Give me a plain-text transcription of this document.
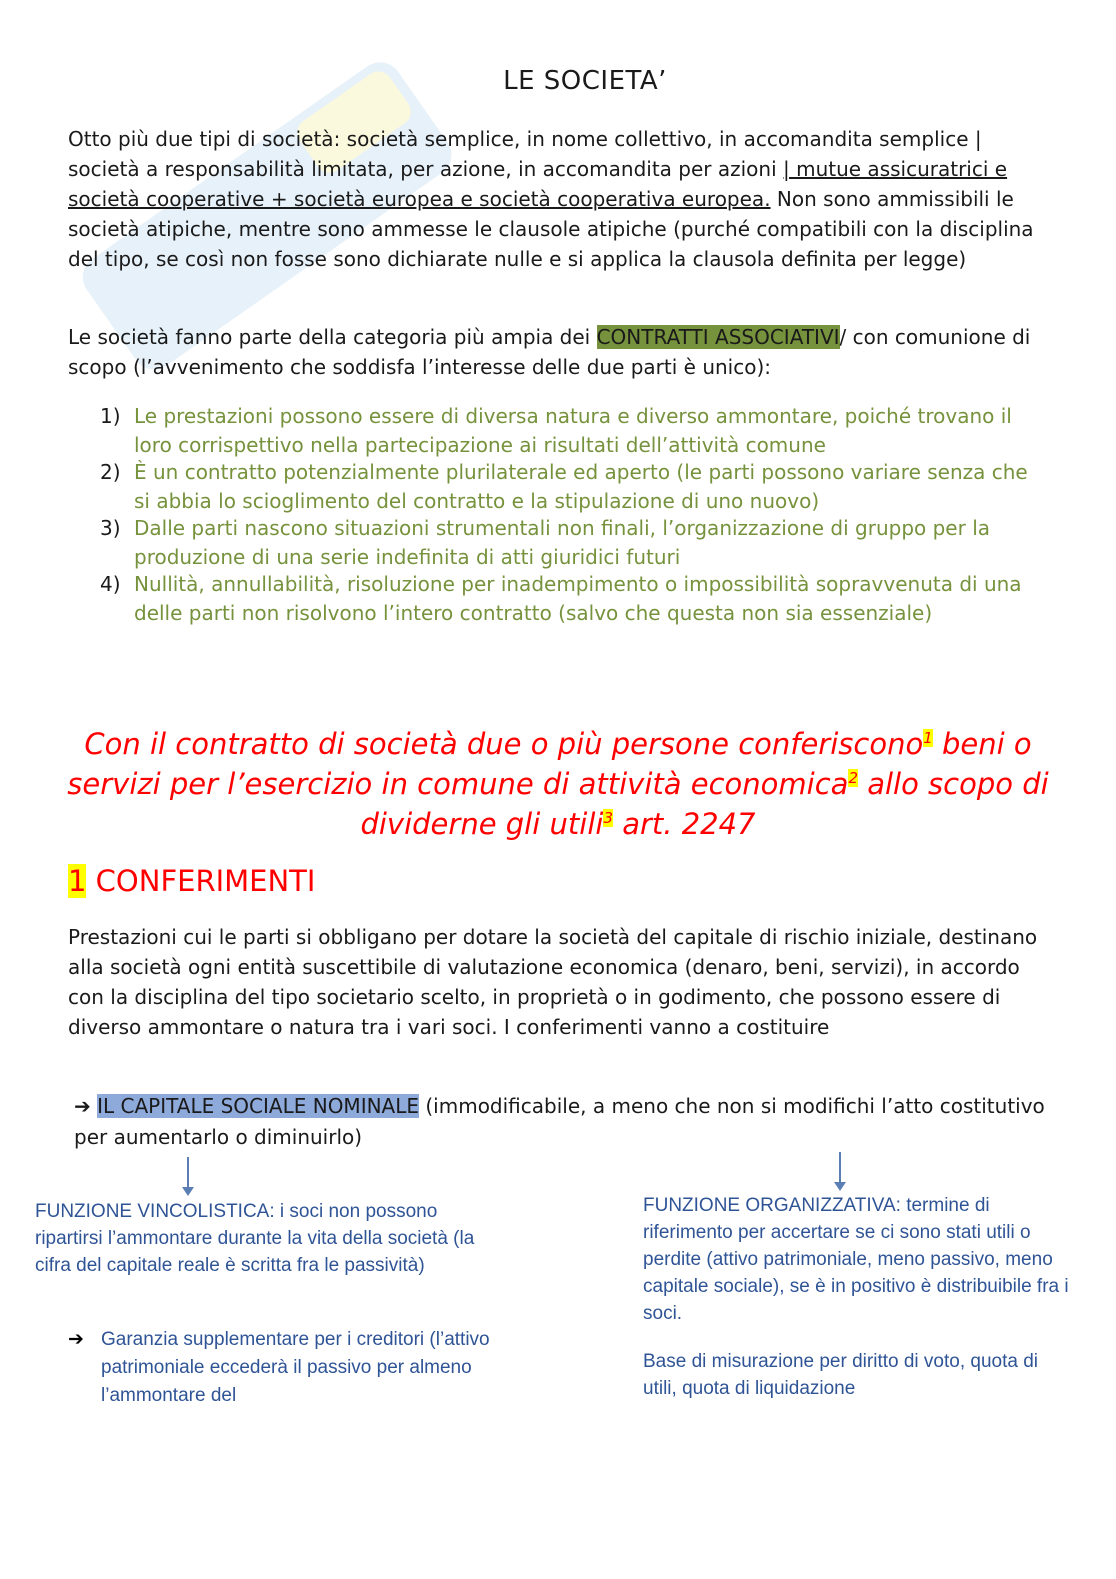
LE SOCIETA’

Otto più due tipi di società: società semplice, in nome collettivo, in accomandita semplice | società a responsabilità limitata, per azione, in accomandita per azioni | mutue assicuratrici e società cooperative + società europea e società cooperativa europea. Non sono ammissibili le società atipiche, mentre sono ammesse le clausole atipiche (purché compatibili con la disciplina del tipo, se così non fosse sono dichiarate nulle e si applica la clausola definita per legge)

Le società fanno parte della categoria più ampia dei CONTRATTI ASSOCIATIVI/ con comunione di scopo (l’avvenimento che soddisfa l’interesse delle due parti è unico):

1) Le prestazioni possono essere di diversa natura e diverso ammontare, poiché trovano il loro corrispettivo nella partecipazione ai risultati dell’attività comune
2) È un contratto potenzialmente plurilaterale ed aperto (le parti possono variare senza che si abbia lo scioglimento del contratto e la stipulazione di uno nuovo)
3) Dalle parti nascono situazioni strumentali non finali, l’organizzazione di gruppo per la produzione di una serie indefinita di atti giuridici futuri
4) Nullità, annullabilità, risoluzione per inadempimento o impossibilità sopravvenuta di una delle parti non risolvono l’intero contratto (salvo che questa non sia essenziale)

Con il contratto di società due o più persone conferiscono$^1$ beni o servizi per l’esercizio in comune di attività economica$^2$ allo scopo di dividerne gli utili$^3$ art. 2247

1 CONFERIMENTI

Prestazioni cui le parti si obbligano per dotare la società del capitale di rischio iniziale, destinano alla società ogni entità suscettibile di valutazione economica (denaro, beni, servizi), in accordo con la disciplina del tipo societario scelto, in proprietà o in godimento, che possono essere di diverso ammontare o natura tra i vari soci. I conferimenti vanno a costituire

➔ IL CAPITALE SOCIALE NOMINALE (immodificabile, a meno che non si modifichi l’atto costitutivo per aumentarlo o diminuirlo)

FUNZIONE VINCOLISTICA: i soci non possono ripartirsi l’ammontare durante la vita della società (la cifra del capitale reale è scritta fra le passività)

➔ Garanzia supplementare per i creditori (l’attivo patrimoniale eccederà il passivo per almeno l’ammontare del

FUNZIONE ORGANIZZATIVA: termine di riferimento per accertare se ci sono stati utili o perdite (attivo patrimoniale, meno passivo, meno capitale sociale), se è in positivo è distribuibile fra i soci.

Base di misurazione per diritto di voto, quota di utili, quota di liquidazione
